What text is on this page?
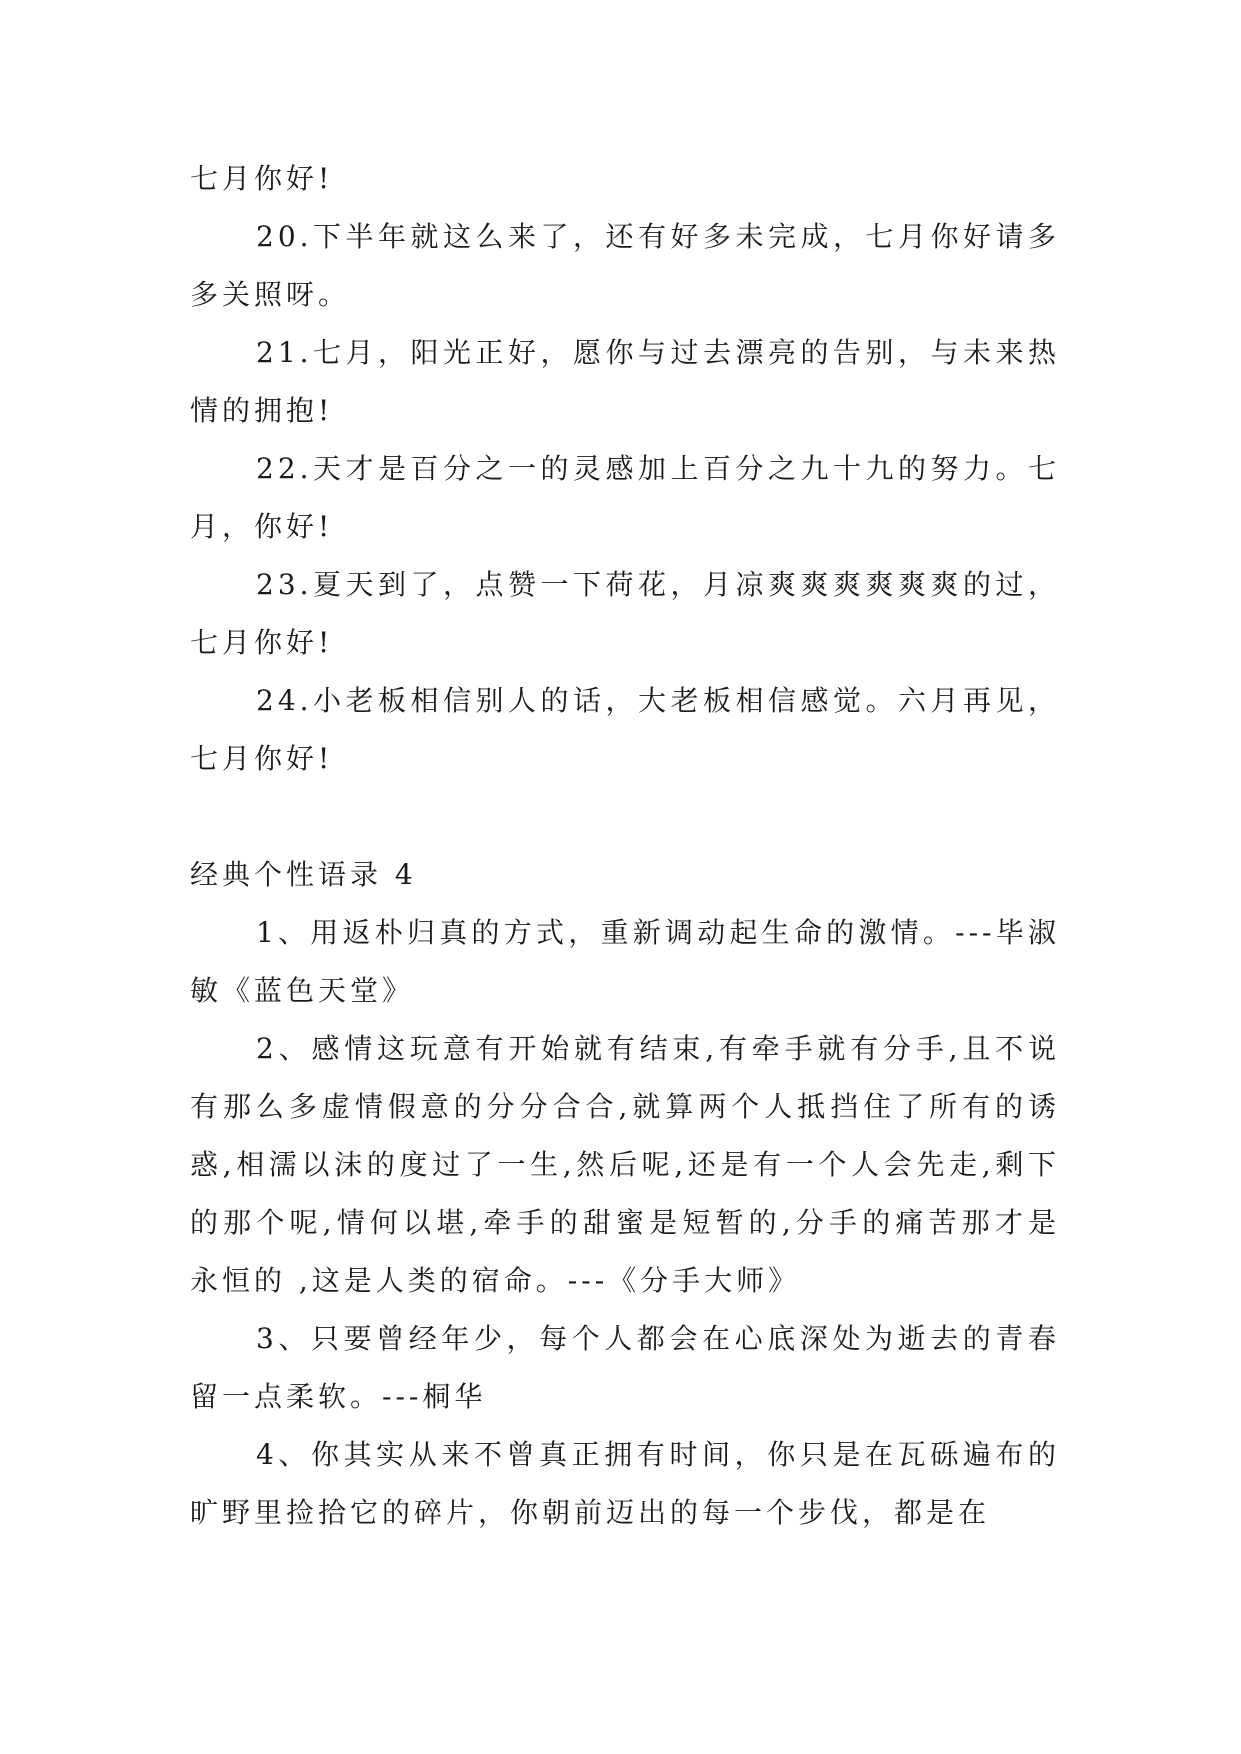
七月你好!

20.下半年就这么来了，还有好多未完成，七月你好请多多关照呀。

21.七月，阳光正好，愿你与过去漂亮的告别，与未来热情的拥抱!

22.天才是百分之一的灵感加上百分之九十九的努力。七月，你好!

23.夏天到了，点赞一下荷花，月凉爽爽爽爽爽爽的过，七月你好!

24.小老板相信别人的话，大老板相信感觉。六月再见，七月你好!

经典个性语录 4

1、用返朴归真的方式，重新调动起生命的激情。---毕淑敏《蓝色天堂》

2、感情这玩意有开始就有结束,有牵手就有分手,且不说有那么多虚情假意的分分合合,就算两个人抵挡住了所有的诱惑,相濡以沫的度过了一生,然后呢,还是有一个人会先走,剩下的那个呢,情何以堪,牵手的甜蜜是短暂的,分手的痛苦那才是永恒的 ,这是人类的宿命。---《分手大师》

3、只要曾经年少，每个人都会在心底深处为逝去的青春留一点柔软。---桐华

4、你其实从来不曾真正拥有时间，你只是在瓦砾遍布的旷野里捡拾它的碎片，你朝前迈出的每一个步伐，都是在
